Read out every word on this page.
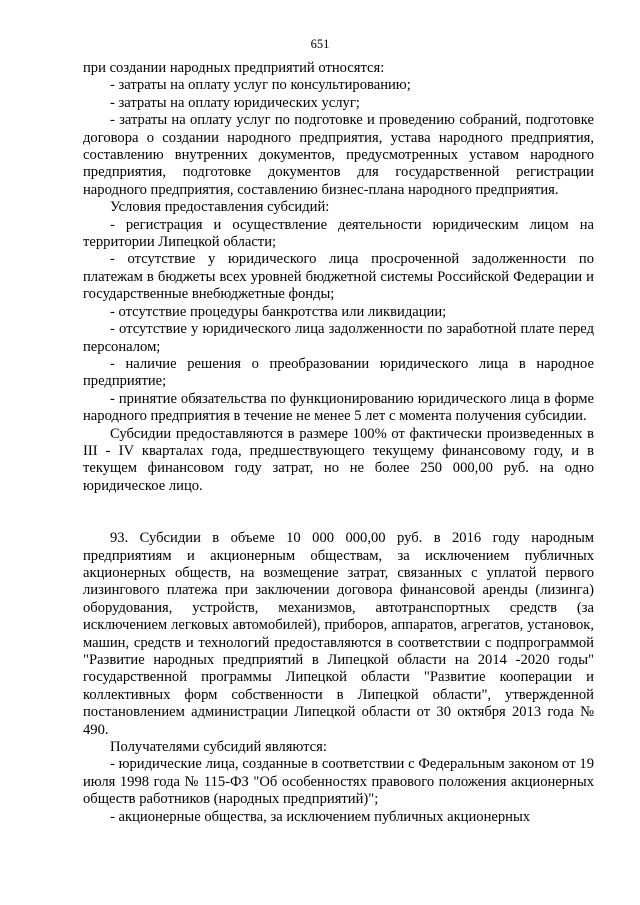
651

при создании народных предприятий относятся:

- затраты на оплату услуг по консультированию;

- затраты на оплату юридических услуг;

- затраты на оплату услуг по подготовке и проведению собраний, подготовке договора о создании народного предприятия, устава народного предприятия, составлению внутренних документов, предусмотренных уставом народного предприятия, подготовке документов для государственной регистрации народного предприятия, составлению бизнес-плана народного предприятия.

Условия предоставления субсидий:

- регистрация и осуществление деятельности юридическим лицом на территории Липецкой области;

- отсутствие у юридического лица просроченной задолженности по платежам в бюджеты всех уровней бюджетной системы Российской Федерации и государственные внебюджетные фонды;

- отсутствие процедуры банкротства или ликвидации;

- отсутствие у юридического лица задолженности по заработной плате перед персоналом;

- наличие решения о преобразовании юридического лица в народное предприятие;

- принятие обязательства по функционированию юридического лица в форме народного предприятия в течение не менее 5 лет с момента получения субсидии.

Субсидии предоставляются в размере 100% от фактически произведенных в III - IV кварталах года, предшествующего текущему финансовому году, и в текущем финансовом году затрат, но не более 250 000,00 руб. на одно юридическое лицо.

93. Субсидии в объеме 10 000 000,00 руб. в 2016 году народным предприятиям и акционерным обществам, за исключением публичных акционерных обществ, на возмещение затрат, связанных с уплатой первого лизингового платежа при заключении договора финансовой аренды (лизинга) оборудования, устройств, механизмов, автотранспортных средств (за исключением легковых автомобилей), приборов, аппаратов, агрегатов, установок, машин, средств и технологий предоставляются в соответствии с подпрограммой "Развитие народных предприятий в Липецкой области на 2014 -2020 годы" государственной программы Липецкой области "Развитие кооперации и коллективных форм собственности в Липецкой области", утвержденной постановлением администрации Липецкой области от 30 октября 2013 года № 490.

Получателями субсидий являются:

- юридические лица, созданные в соответствии с Федеральным законом от 19 июля 1998 года № 115-ФЗ "Об особенностях правового положения акционерных обществ работников (народных предприятий)";

- акционерные общества, за исключением публичных акционерных
